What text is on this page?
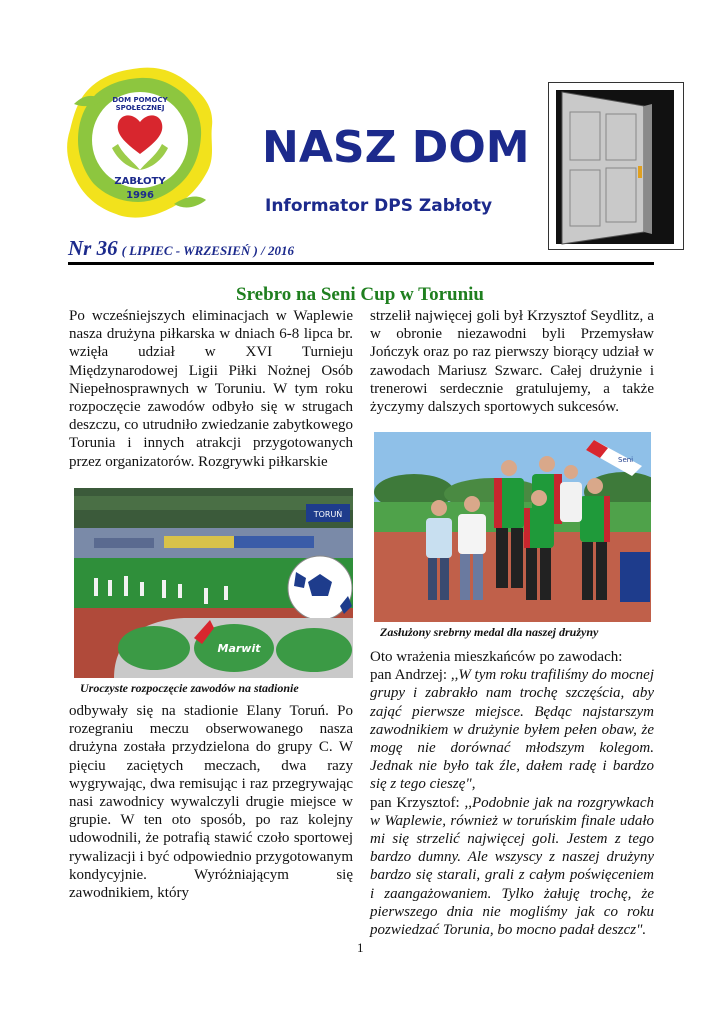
DOM POMOCY SPOŁECZNEJ
ZABŁOTY
1996
NASZ DOM
Informator DPS Zabłoty
Nr 36 ( LIPIEC - WRZESIEŃ ) / 2016
Srebro na Seni Cup w Toruniu
Po wcześniejszych eliminacjach w Waplewie nasza drużyna piłkarska w dniach 6-8 lipca br. wzięła udział w XVI Turnieju Międzynarodowej Ligii Piłki Nożnej Osób Niepełnosprawnych w Toruniu. W tym roku rozpoczęcie zawodów odbyło się w strugach deszczu, co utrudniło zwiedzanie zabytkowego Torunia i innych atrakcji przygotowanych przez organizatorów. Rozgrywki piłkarskie
TORUŃ
Marwit
Uroczyste rozpoczęcie zawodów na stadionie
odbywały się na stadionie Elany Toruń. Po rozegraniu meczu obserwowanego nasza drużyna została przydzielona do grupy C. W pięciu zaciętych meczach, dwa razy wygrywając, dwa remisując i raz przegrywając nasi zawodnicy wywalczyli drugie miejsce w grupie. W ten oto sposób, po raz kolejny udowodnili, że potrafią stawić czoło sportowej rywalizacji i być odpowiednio przygotowanym kondycyjnie. Wyróżniającym się zawodnikiem, który
strzelił najwięcej goli był Krzysztof Seydlitz, a w obronie niezawodni byli Przemysław Jończyk oraz po raz pierwszy biorący udział w zawodach Mariusz Szwarc. Całej drużynie i trenerowi serdecznie gratulujemy, a także życzymy dalszych sportowych sukcesów.
Seni
Zasłużony srebrny medal dla naszej drużyny
Oto wrażenia mieszkańców po zawodach:
pan Andrzej: ,,W tym roku trafiliśmy do mocnej grupy i zabrakło nam trochę szczęścia, aby zająć pierwsze miejsce. Będąc najstarszym zawodnikiem w drużynie byłem pełen obaw, że mogę nie dorównać młodszym kolegom. Jednak nie było tak źle, dałem radę i bardzo się z tego cieszę",
pan Krzysztof: ,,Podobnie jak na rozgrywkach w Waplewie, również w toruńskim finale udało mi się strzelić najwięcej goli. Jestem z tego bardzo dumny. Ale wszyscy z naszej drużyny bardzo się starali, grali z całym poświęceniem i zaangażowaniem. Tylko żałuję trochę, że pierwszego dnia nie mogliśmy jak co roku pozwiedzać Torunia, bo mocno padał deszcz".
1
